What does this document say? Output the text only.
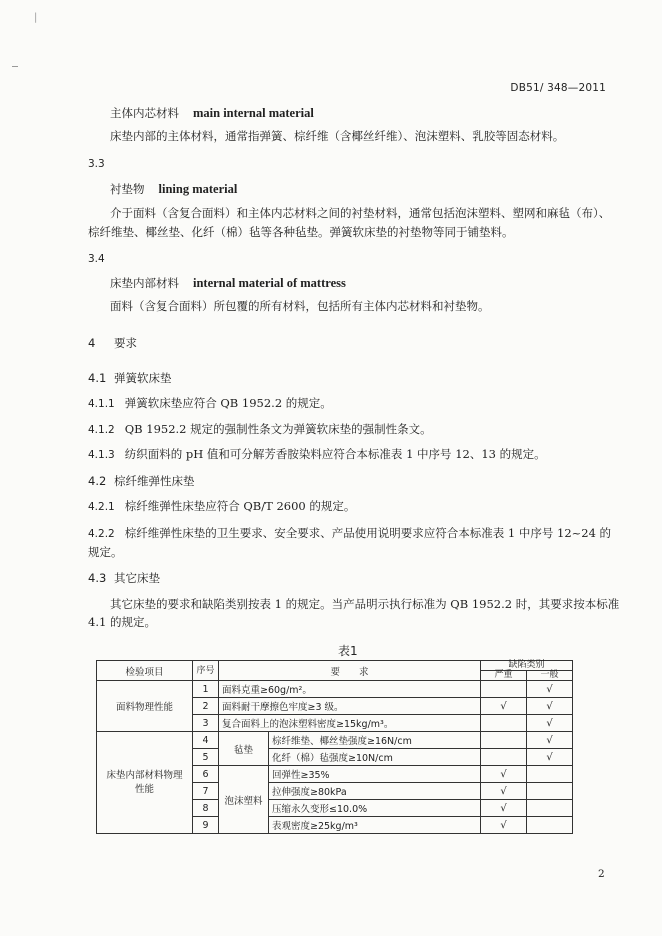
|
DB51/ 348—2011
主体内芯材料 main internal material
床垫内部的主体材料，通常指弹簧、棕纤维（含椰丝纤维）、泡沫塑料、乳胶等固态材料。
3.3
衬垫物 lining material
介于面料（含复合面料）和主体内芯材料之间的衬垫材料，通常包括泡沫塑料、塑网和麻毡（布）、
棕纤维垫、椰丝垫、化纤（棉）毡等各种毡垫。弹簧软床垫的衬垫物等同于铺垫料。
3.4
床垫内部材料 internal material of mattress
面料（含复合面料）所包覆的所有材料，包括所有主体内芯材料和衬垫物。
4 要求
4.1 弹簧软床垫
4.1.1 弹簧软床垫应符合 QB 1952.2 的规定。
4.1.2 QB 1952.2 规定的强制性条文为弹簧软床垫的强制性条文。
4.1.3 纺织面料的 pH 值和可分解芳香胺染料应符合本标准表 1 中序号 12、13 的规定。
4.2 棕纤维弹性床垫
4.2.1 棕纤维弹性床垫应符合 QB/T 2600 的规定。
4.2.2 棕纤维弹性床垫的卫生要求、安全要求、产品使用说明要求应符合本标准表 1 中序号 12~24 的
规定。
4.3 其它床垫
其它床垫的要求和缺陷类别按表 1 的规定。当产品明示执行标准为 QB 1952.2 时，其要求按本标准
4.1 的规定。
表1
检验项目	序号	要　　求		缺陷类别	
				严重	一般
面料物理性能	1	面料克重≥60g/m²。			√
	2	面料耐干摩擦色牢度≥3 级。		√	√
	3	复合面料上的泡沫塑料密度≥15kg/m³。			√
床垫内部材料物理性能	4	毡垫	棕纤维垫、椰丝垫强度≥16N/cm		√
	5		化纤（棉）毡强度≥10N/cm		√
	6	泡沫塑料	回弹性≥35%	√	
	7		拉伸强度≥80kPa	√	
	8		压缩永久变形≤10.0%	√	
	9		表观密度≥25kg/m³	√	
2
